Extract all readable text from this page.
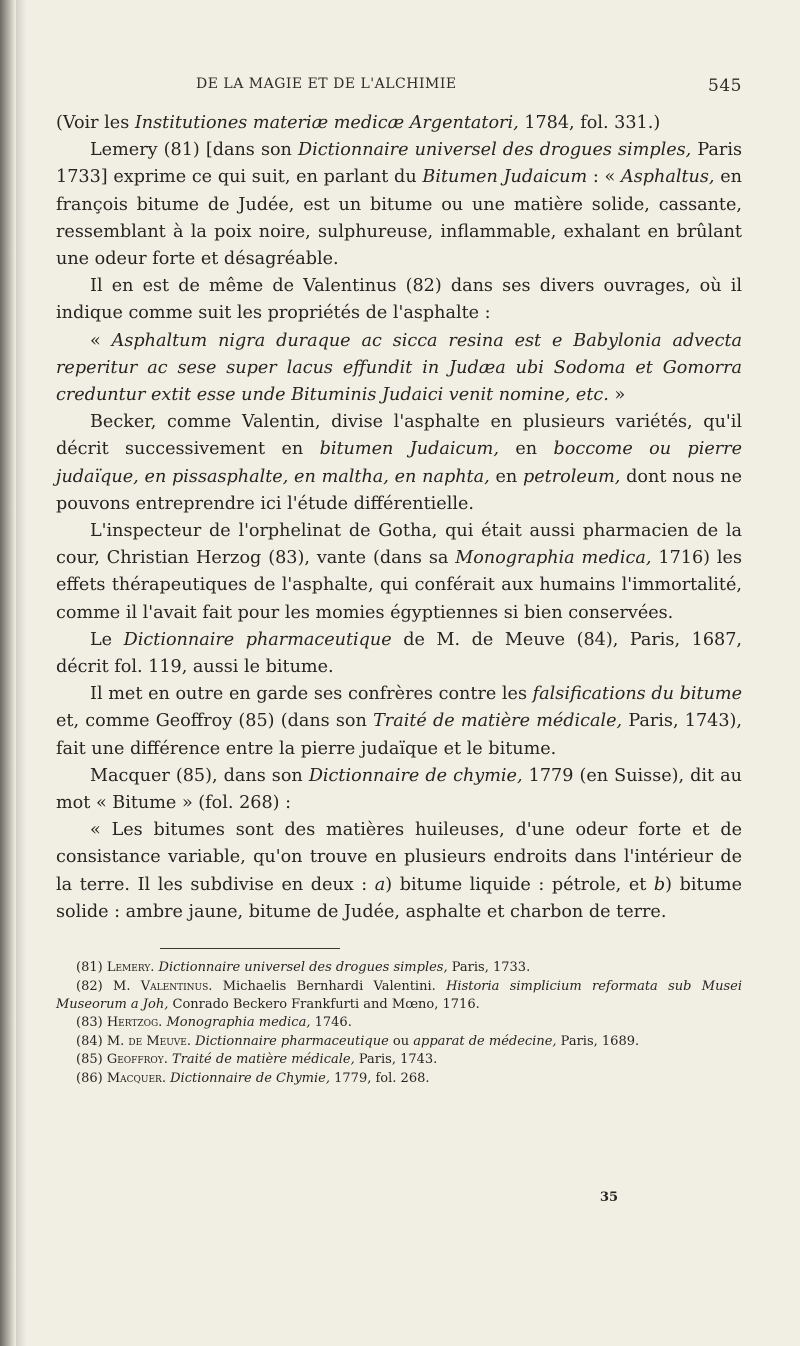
DE LA MAGIE ET DE L'ALCHIMIE	545

(Voir les Institutiones materiæ medicæ Argentatori, 1784, fol. 331.)

Lemery (81) [dans son Dictionnaire universel des drogues simples, Paris 1733] exprime ce qui suit, en parlant du Bitumen Judaicum : « Asphaltus, en françois bitume de Judée, est un bitume ou une matière solide, cassante, ressemblant à la poix noire, sulphureuse, inflammable, exhalant en brûlant une odeur forte et désagréable.

Il en est de même de Valentinus (82) dans ses divers ouvrages, où il indique comme suit les propriétés de l'asphalte :

« Asphaltum nigra duraque ac sicca resina est e Babylonia advecta reperitur ac sese super lacus effundit in Judæa ubi Sodoma et Gomorra creduntur extit esse unde Bituminis Judaici venit nomine, etc. »

Becker, comme Valentin, divise l'asphalte en plusieurs variétés, qu'il décrit successivement en bitumen Judaicum, en boccome ou pierre judaïque, en pissasphalte, en maltha, en naphta, en petroleum, dont nous ne pouvons entreprendre ici l'étude différentielle.

L'inspecteur de l'orphelinat de Gotha, qui était aussi pharmacien de la cour, Christian Herzog (83), vante (dans sa Monographia medica, 1716) les effets thérapeutiques de l'asphalte, qui conférait aux humains l'immortalité, comme il l'avait fait pour les momies égyptiennes si bien conservées.

Le Dictionnaire pharmaceutique de M. de Meuve (84), Paris, 1687, décrit fol. 119, aussi le bitume.

Il met en outre en garde ses confrères contre les falsifications du bitume et, comme Geoffroy (85) (dans son Traité de matière médicale, Paris, 1743), fait une différence entre la pierre judaïque et le bitume.

Macquer (85), dans son Dictionnaire de chymie, 1779 (en Suisse), dit au mot « Bitume » (fol. 268) :

« Les bitumes sont des matières huileuses, d'une odeur forte et de consistance variable, qu'on trouve en plusieurs endroits dans l'intérieur de la terre. Il les subdivise en deux : a) bitume liquide : pétrole, et b) bitume solide : ambre jaune, bitume de Judée, asphalte et charbon de terre.

(81) Lemery. Dictionnaire universel des drogues simples, Paris, 1733.

(82) M. Valentinus. Michaelis Bernhardi Valentini. Historia simplicium reformata sub Musei Museorum a Joh, Conrado Beckero Frankfurti and Mœno, 1716.

(83) Hertzog. Monographia medica, 1746.

(84) M. de Meuve. Dictionnaire pharmaceutique ou apparat de médecine, Paris, 1689.

(85) Geoffroy. Traité de matière médicale, Paris, 1743.

(86) Macquer. Dictionnaire de Chymie, 1779, fol. 268.

35
